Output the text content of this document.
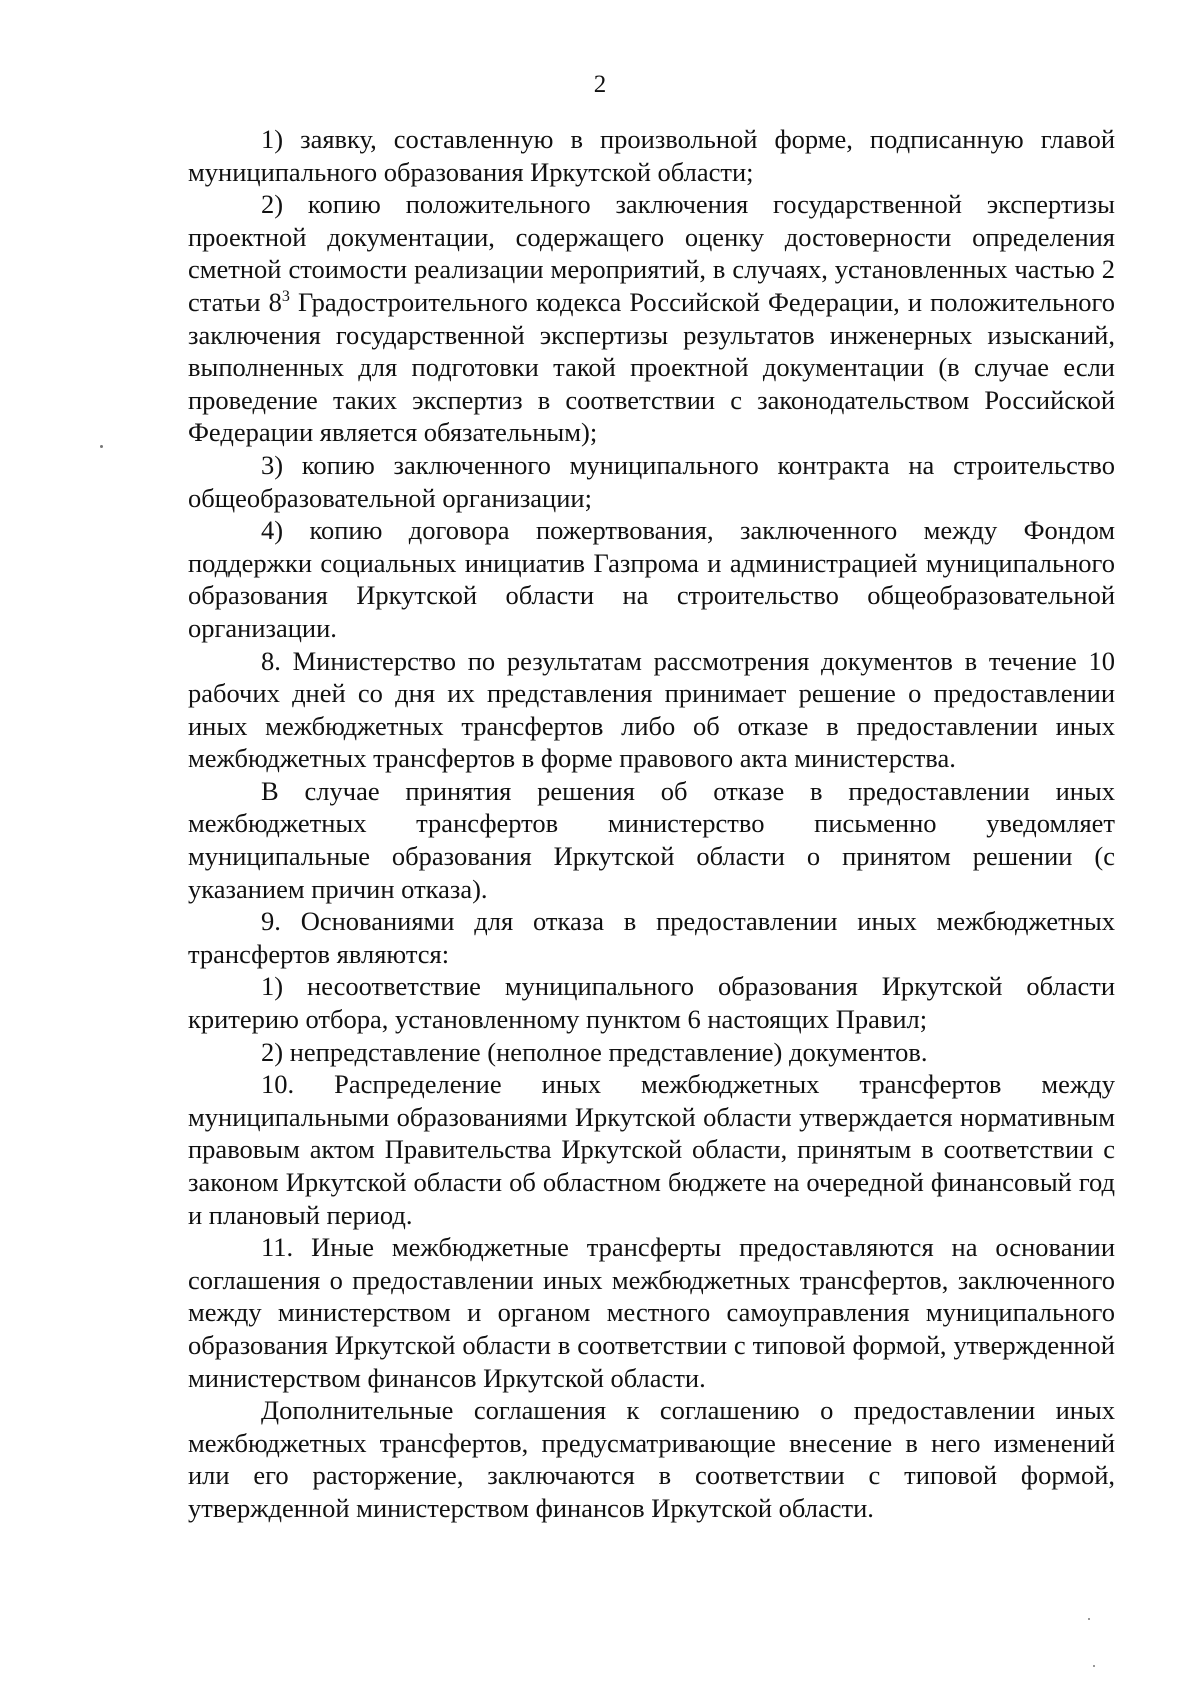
2

1) заявку, составленную в произвольной форме, подписанную главой муниципального образования Иркутской области;

2) копию положительного заключения государственной экспертизы проектной документации, содержащего оценку достоверности определения сметной стоимости реализации мероприятий, в случаях, установленных частью 2 статьи $8^3$ Градостроительного кодекса Российской Федерации, и положительного заключения государственной экспертизы результатов инженерных изысканий, выполненных для подготовки такой проектной документации (в случае если проведение таких экспертиз в соответствии с законодательством Российской Федерации является обязательным);

3) копию заключенного муниципального контракта на строительство общеобразовательной организации;

4) копию договора пожертвования, заключенного между Фондом поддержки социальных инициатив Газпрома и администрацией муниципального образования Иркутской области на строительство общеобразовательной организации.

8. Министерство по результатам рассмотрения документов в течение 10 рабочих дней со дня их представления принимает решение о предоставлении иных межбюджетных трансфертов либо об отказе в предоставлении иных межбюджетных трансфертов в форме правового акта министерства.

В случае принятия решения об отказе в предоставлении иных межбюджетных трансфертов министерство письменно уведомляет муниципальные образования Иркутской области о принятом решении (с указанием причин отказа).

9. Основаниями для отказа в предоставлении иных межбюджетных трансфертов являются:

1) несоответствие муниципального образования Иркутской области критерию отбора, установленному пунктом 6 настоящих Правил;

2) непредставление (неполное представление) документов.

10. Распределение иных межбюджетных трансфертов между муниципальными образованиями Иркутской области утверждается нормативным правовым актом Правительства Иркутской области, принятым в соответствии с законом Иркутской области об областном бюджете на очередной финансовый год и плановый период.

11. Иные межбюджетные трансферты предоставляются на основании соглашения о предоставлении иных межбюджетных трансфертов, заключенного между министерством и органом местного самоуправления муниципального образования Иркутской области в соответствии с типовой формой, утвержденной министерством финансов Иркутской области.

Дополнительные соглашения к соглашению о предоставлении иных межбюджетных трансфертов, предусматривающие внесение в него изменений или его расторжение, заключаются в соответствии с типовой формой, утвержденной министерством финансов Иркутской области.
